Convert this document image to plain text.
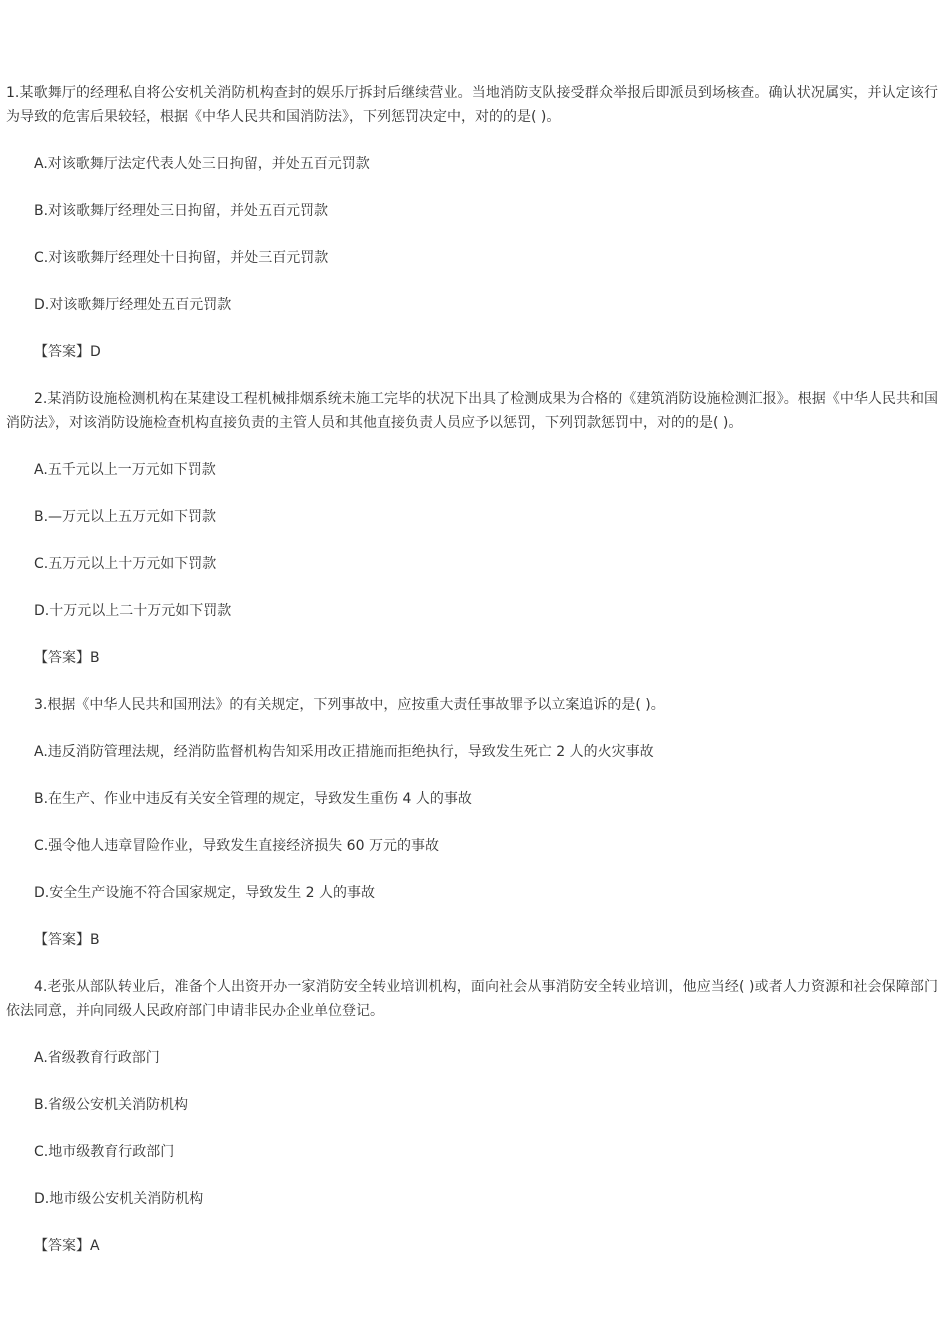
1.某歌舞厅的经理私自将公安机关消防机构查封的娱乐厅拆封后继续营业。当地消防支队接受群众举报后即派员到场核查。确认状况属实，并认定该行为导致的危害后果较轻，根据《中华人民共和国消防法》，下列惩罚决定中，对的的是( )。

A.对该歌舞厅法定代表人处三日拘留，并处五百元罚款

B.对该歌舞厅经理处三日拘留，并处五百元罚款

C.对该歌舞厅经理处十日拘留，并处三百元罚款

D.对该歌舞厅经理处五百元罚款

【答案】D

2.某消防设施检测机构在某建设工程机械排烟系统未施工完毕的状况下出具了检测成果为合格的《建筑消防设施检测汇报》。根据《中华人民共和国消防法》，对该消防设施检查机构直接负责的主管人员和其他直接负责人员应予以惩罚，下列罚款惩罚中，对的的是( )。

A.五千元以上一万元如下罚款

B.—万元以上五万元如下罚款

C.五万元以上十万元如下罚款

D.十万元以上二十万元如下罚款

【答案】B

3.根据《中华人民共和国刑法》的有关规定，下列事故中，应按重大责任事故罪予以立案追诉的是( )。

A.违反消防管理法规，经消防监督机构告知采用改正措施而拒绝执行，导致发生死亡 2 人的火灾事故

B.在生产、作业中违反有关安全管理的规定，导致发生重伤 4 人的事故

C.强令他人违章冒险作业，导致发生直接经济损失 60 万元的事故

D.安全生产设施不符合国家规定，导致发生 2 人的事故

【答案】B

4.老张从部队转业后，准备个人出资开办一家消防安全转业培训机构，面向社会从事消防安全转业培训，他应当经( )或者人力资源和社会保障部门依法同意，并向同级人民政府部门申请非民办企业单位登记。

A.省级教育行政部门

B.省级公安机关消防机构

C.地市级教育行政部门

D.地市级公安机关消防机构

【答案】A
